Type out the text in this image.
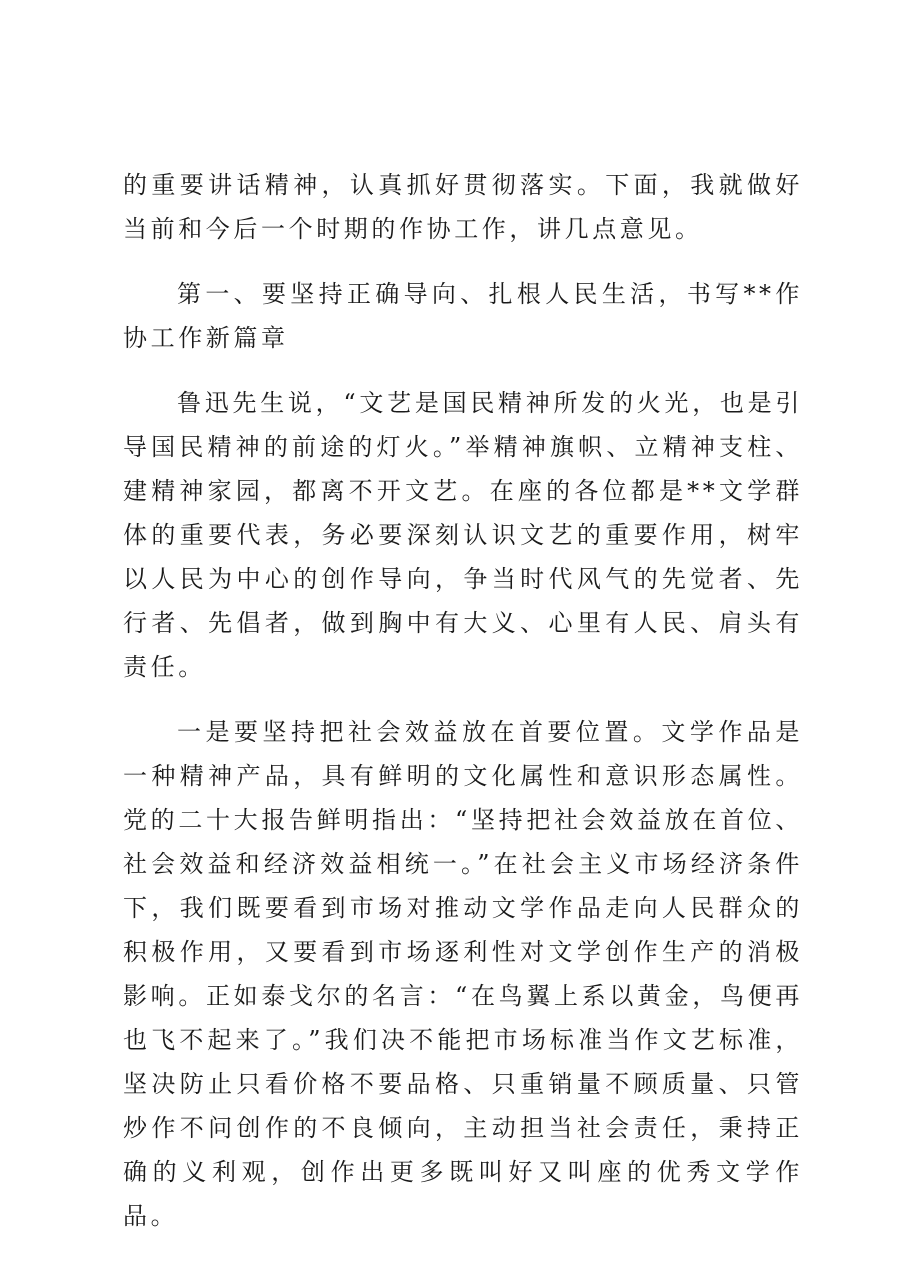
的重要讲话精神，认真抓好贯彻落实。下面，我就做好当前和今后一个时期的作协工作，讲几点意见。

第一、要坚持正确导向、扎根人民生活，书写**作协工作新篇章

鲁迅先生说，“文艺是国民精神所发的火光，也是引导国民精神的前途的灯火。”举精神旗帜、立精神支柱、建精神家园，都离不开文艺。在座的各位都是**文学群体的重要代表，务必要深刻认识文艺的重要作用，树牢以人民为中心的创作导向，争当时代风气的先觉者、先行者、先倡者，做到胸中有大义、心里有人民、肩头有责任。

一是要坚持把社会效益放在首要位置。文学作品是一种精神产品，具有鲜明的文化属性和意识形态属性。党的二十大报告鲜明指出：“坚持把社会效益放在首位、社会效益和经济效益相统一。”在社会主义市场经济条件下，我们既要看到市场对推动文学作品走向人民群众的积极作用，又要看到市场逐利性对文学创作生产的消极影响。正如泰戈尔的名言：“在鸟翼上系以黄金，鸟便再也飞不起来了。”我们决不能把市场标准当作文艺标准，坚决防止只看价格不要品格、只重销量不顾质量、只管炒作不问创作的不良倾向，主动担当社会责任，秉持正确的义利观，创作出更多既叫好又叫座的优秀文学作品。
